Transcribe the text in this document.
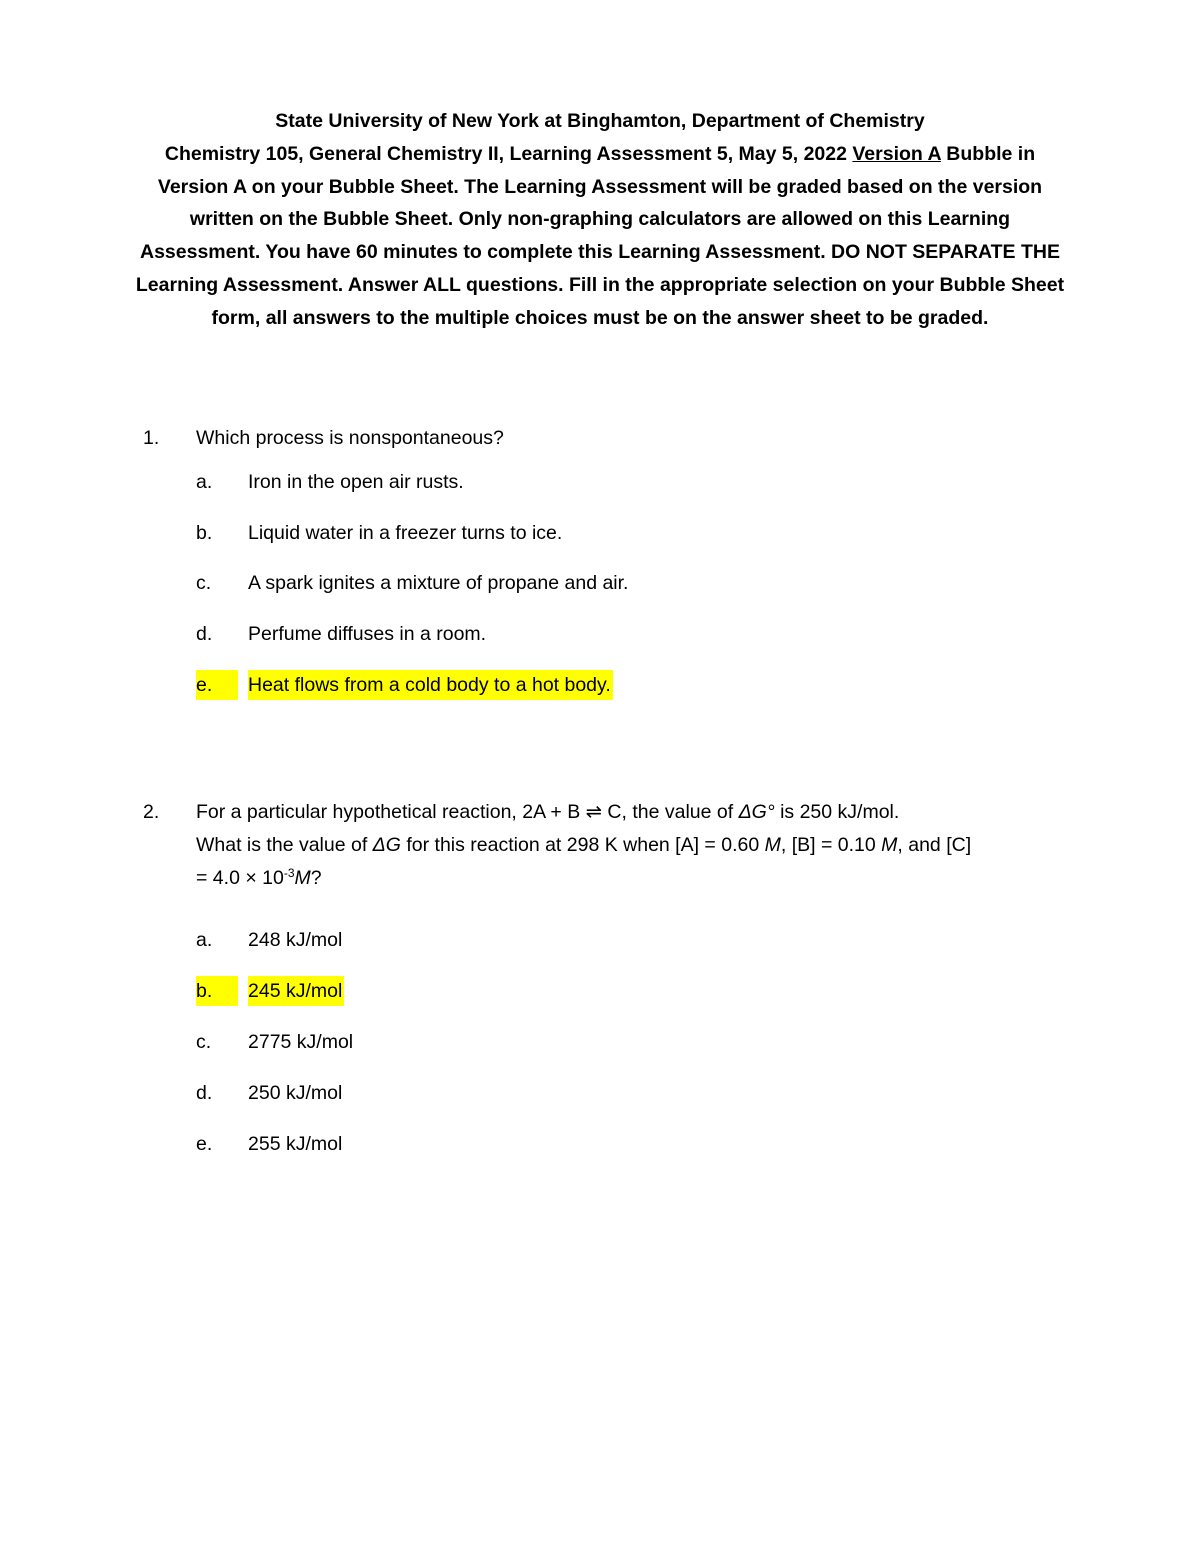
State University of New York at Binghamton, Department of Chemistry

Chemistry 105, General Chemistry II, Learning Assessment 5, May 5, 2022 Version A Bubble in Version A on your Bubble Sheet. The Learning Assessment will be graded based on the version written on the Bubble Sheet. Only non-graphing calculators are allowed on this Learning Assessment. You have 60 minutes to complete this Learning Assessment. DO NOT SEPARATE THE Learning Assessment. Answer ALL questions. Fill in the appropriate selection on your Bubble Sheet form, all answers to the multiple choices must be on the answer sheet to be graded.

1. Which process is nonspontaneous?

a.	Iron in the open air rusts.
b.	Liquid water in a freezer turns to ice.
c.	A spark ignites a mixture of propane and air.
d.	Perfume diffuses in a room.
e.	Heat flows from a cold body to a hot body.
2. For a particular hypothetical reaction, 2A + B ⇌ C, the value of ΔG° is 250 kJ/mol.

What is the value of ΔG for this reaction at 298 K when [A] = 0.60 M, [B] = 0.10 M, and [C]

= $4.0 \times 10^{-3}M$?

a.	248 kJ/mol
b.	245 kJ/mol
c.	2775 kJ/mol
d.	250 kJ/mol
e.	255 kJ/mol
